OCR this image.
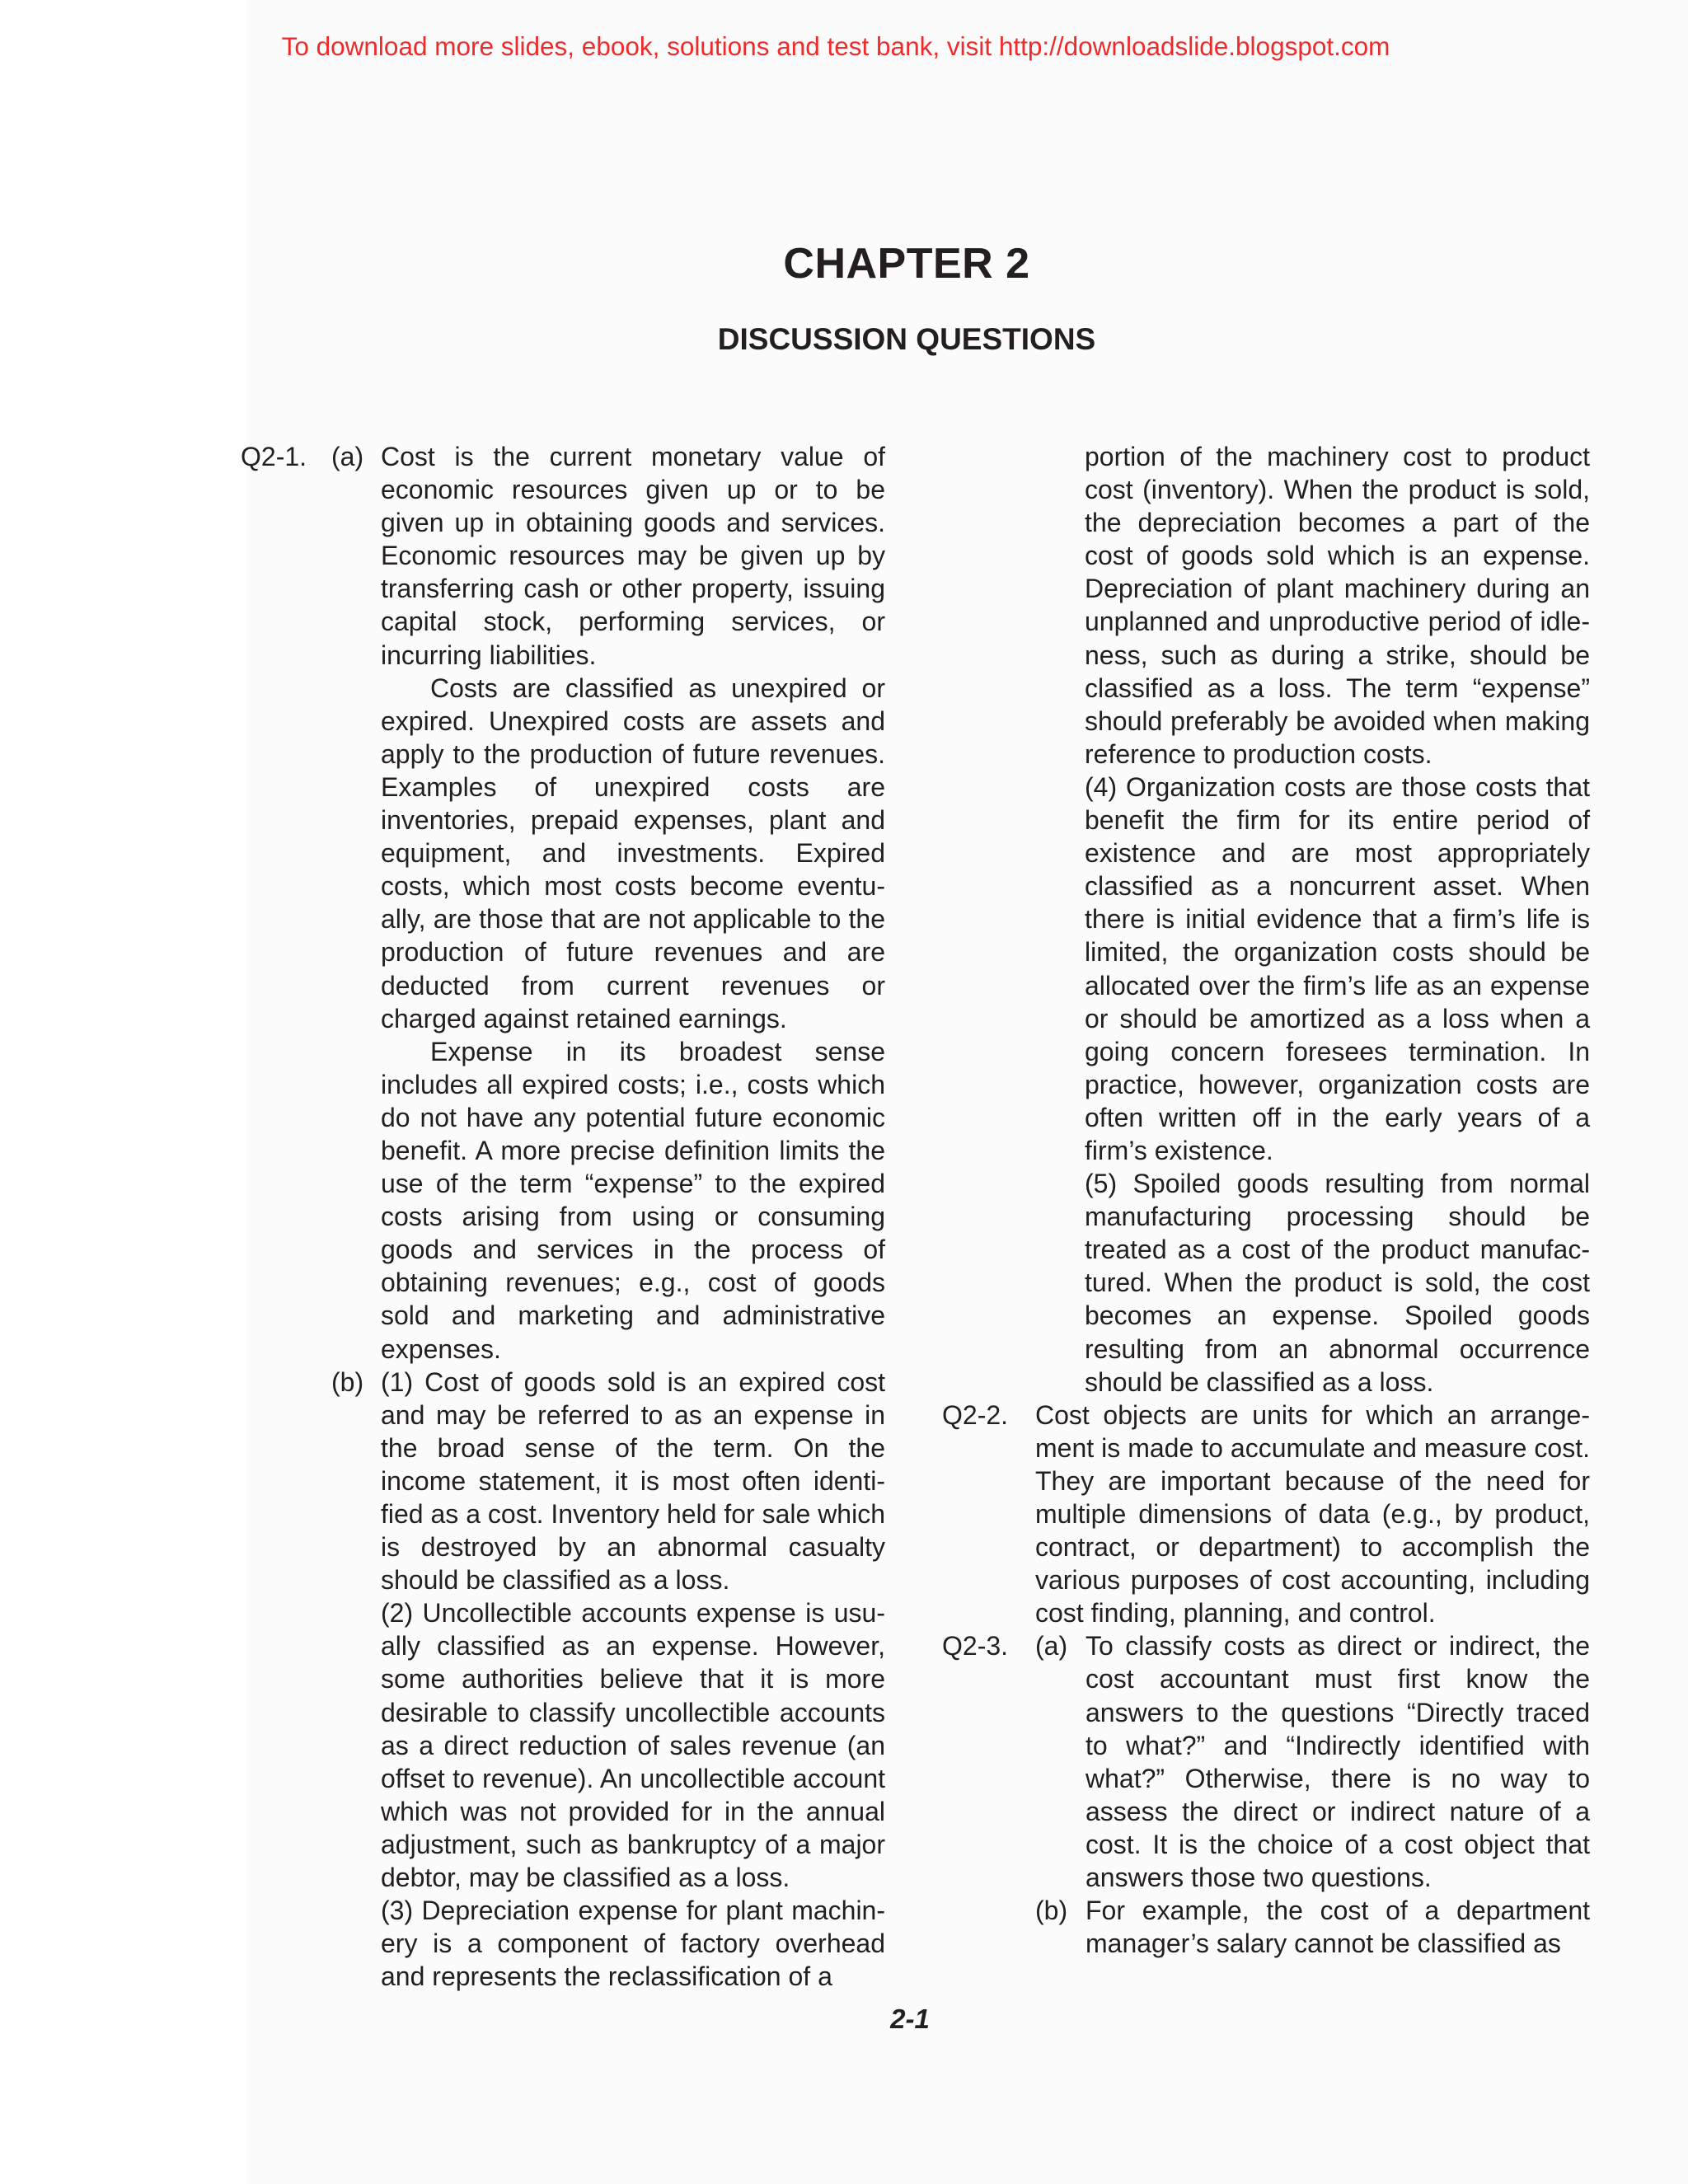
To download more slides, ebook, solutions and test bank, visit http://downloadslide.blogspot.com
CHAPTER 2
DISCUSSION QUESTIONS
Q2-1. (a) Cost is the current monetary value of economic resources given up or to be given up in obtaining goods and services. Economic resources may be given up by transferring cash or other property, issuing capital stock, performing services, or incurring liabilities.

Costs are classified as unexpired or expired. Unexpired costs are assets and apply to the production of future revenues. Examples of unexpired costs are inventories, prepaid expenses, plant and equipment, and investments. Expired costs, which most costs become eventually, are those that are not applicable to the production of future revenues and are deducted from current revenues or charged against retained earnings.

Expense in its broadest sense includes all expired costs; i.e., costs which do not have any potential future economic benefit. A more precise definition limits the use of the term “expense” to the expired costs arising from using or consuming goods and services in the process of obtaining revenues; e.g., cost of goods sold and marketing and administrative expenses.

(b) (1) Cost of goods sold is an expired cost and may be referred to as an expense in the broad sense of the term. On the income statement, it is most often identified as a cost. Inventory held for sale which is destroyed by an abnormal casualty should be classified as a loss.

(2) Uncollectible accounts expense is usually classified as an expense. However, some authorities believe that it is more desirable to classify uncollectible accounts as a direct reduction of sales revenue (an offset to revenue). An uncollectible account which was not provided for in the annual adjustment, such as bankruptcy of a major debtor, may be classified as a loss.

(3) Depreciation expense for plant machinery is a component of factory overhead and represents the reclassification of a

portion of the machinery cost to product cost (inventory). When the product is sold, the depreciation becomes a part of the cost of goods sold which is an expense. Depreciation of plant machinery during an unplanned and unproductive period of idleness, such as during a strike, should be classified as a loss. The term “expense” should preferably be avoided when making reference to production costs.

(4) Organization costs are those costs that benefit the firm for its entire period of existence and are most appropriately classified as a noncurrent asset. When there is initial evidence that a firm’s life is limited, the organization costs should be allocated over the firm’s life as an expense or should be amortized as a loss when a going concern foresees termination. In practice, however, organization costs are often written off in the early years of a firm’s existence.

(5) Spoiled goods resulting from normal manufacturing processing should be treated as a cost of the product manufactured. When the product is sold, the cost becomes an expense. Spoiled goods resulting from an abnormal occurrence should be classified as a loss.

Q2-2.	Cost objects are units for which an arrangement is made to accumulate and measure cost. They are important because of the need for multiple dimensions of data (e.g., by product, contract, or department) to accomplish the various purposes of cost accounting, including cost finding, planning, and control.

Q2-3.	(a) To classify costs as direct or indirect, the cost accountant must first know the answers to the questions “Directly traced to what?” and “Indirectly identified with what?” Otherwise, there is no way to assess the direct or indirect nature of a cost. It is the choice of a cost object that answers those two questions.

(b) For example, the cost of a department manager’s salary cannot be classified as

2-1
